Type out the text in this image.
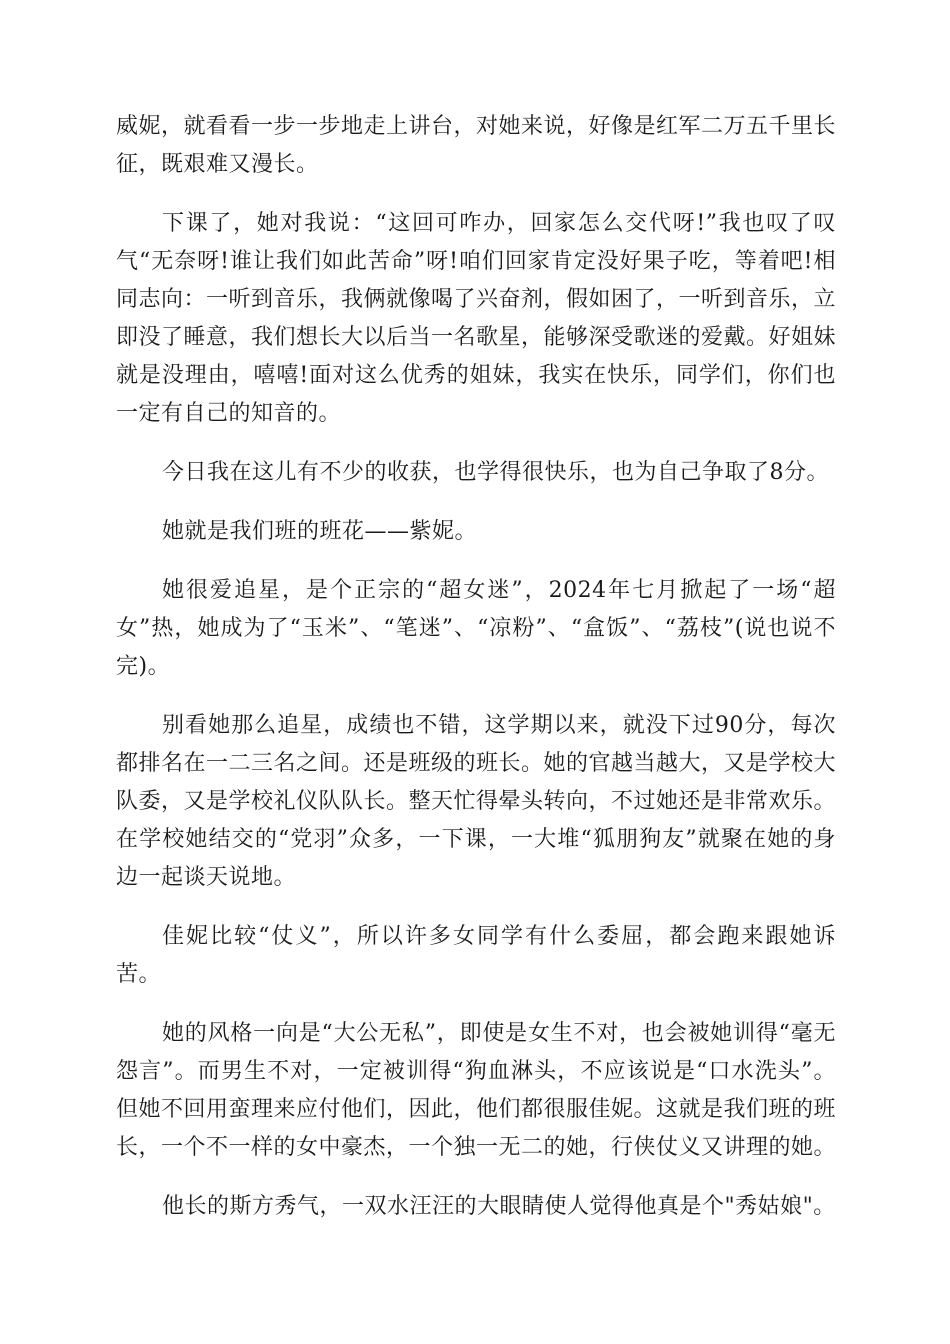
威妮，就看看一步一步地走上讲台，对她来说，好像是红军二万五千里长征，既艰难又漫长。

下课了，她对我说：“这回可咋办，回家怎么交代呀!”我也叹了叹气“无奈呀!谁让我们如此苦命”呀!咱们回家肯定没好果子吃，等着吧!相同志向：一听到音乐，我俩就像喝了兴奋剂，假如困了，一听到音乐，立即没了睡意，我们想长大以后当一名歌星，能够深受歌迷的爱戴。好姐妹就是没理由，嘻嘻!面对这么优秀的姐妹，我实在快乐，同学们，你们也一定有自己的知音的。

今日我在这儿有不少的收获，也学得很快乐，也为自己争取了8分。

她就是我们班的班花——紫妮。

她很爱追星，是个正宗的“超女迷”，2024年七月掀起了一场“超女”热，她成为了“玉米”、“笔迷”、“凉粉”、“盒饭”、“荔枝”(说也说不完)。

别看她那么追星，成绩也不错，这学期以来，就没下过90分，每次都排名在一二三名之间。还是班级的班长。她的官越当越大，又是学校大队委，又是学校礼仪队队长。整天忙得晕头转向，不过她还是非常欢乐。在学校她结交的“党羽”众多，一下课，一大堆“狐朋狗友”就聚在她的身边一起谈天说地。

佳妮比较“仗义”，所以许多女同学有什么委屈，都会跑来跟她诉苦。

她的风格一向是“大公无私”，即使是女生不对，也会被她训得“毫无怨言”。而男生不对，一定被训得“狗血淋头，不应该说是“口水洗头”。但她不回用蛮理来应付他们，因此，他们都很服佳妮。这就是我们班的班长，一个不一样的女中豪杰，一个独一无二的她，行侠仗义又讲理的她。

他长的斯方秀气，一双水汪汪的大眼睛使人觉得他真是个"秀姑娘"。
